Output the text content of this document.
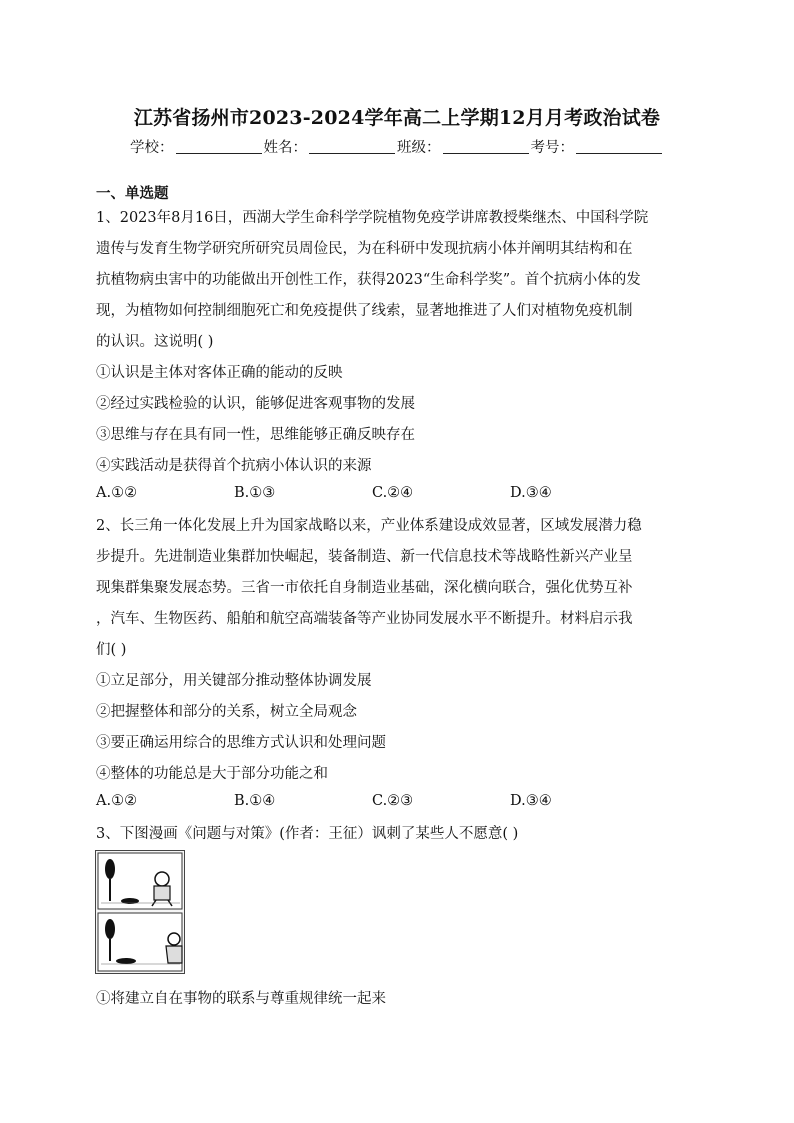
江苏省扬州市2023-2024学年高二上学期12月月考政治试卷
学校：	姓名：	班级：	考号：
一、单选题
1、2023年8月16日，西湖大学生命科学学院植物免疫学讲席教授柴继杰、中国科学院
遗传与发育生物学研究所研究员周俭民，为在科研中发现抗病小体并阐明其结构和在
抗植物病虫害中的功能做出开创性工作，获得2023“生命科学奖”。首个抗病小体的发
现，为植物如何控制细胞死亡和免疫提供了线索，显著地推进了人们对植物免疫机制
的认识。这说明( )
①认识是主体对客体正确的能动的反映
②经过实践检验的认识，能够促进客观事物的发展
③思维与存在具有同一性，思维能够正确反映存在
④实践活动是获得首个抗病小体认识的来源
A.①②	B.①③	C.②④	D.③④
2、长三角一体化发展上升为国家战略以来，产业体系建设成效显著，区域发展潜力稳
步提升。先进制造业集群加快崛起，装备制造、新一代信息技术等战略性新兴产业呈
现集群集聚发展态势。三省一市依托自身制造业基础，深化横向联合，强化优势互补
，汽车、生物医药、船舶和航空高端装备等产业协同发展水平不断提升。材料启示我
们( )
①立足部分，用关键部分推动整体协调发展
②把握整体和部分的关系，树立全局观念
③要正确运用综合的思维方式认识和处理问题
④整体的功能总是大于部分功能之和
A.①②	B.①④	C.②③	D.③④
3、下图漫画《问题与对策》(作者：王征）讽刺了某些人不愿意( )
①将建立自在事物的联系与尊重规律统一起来
